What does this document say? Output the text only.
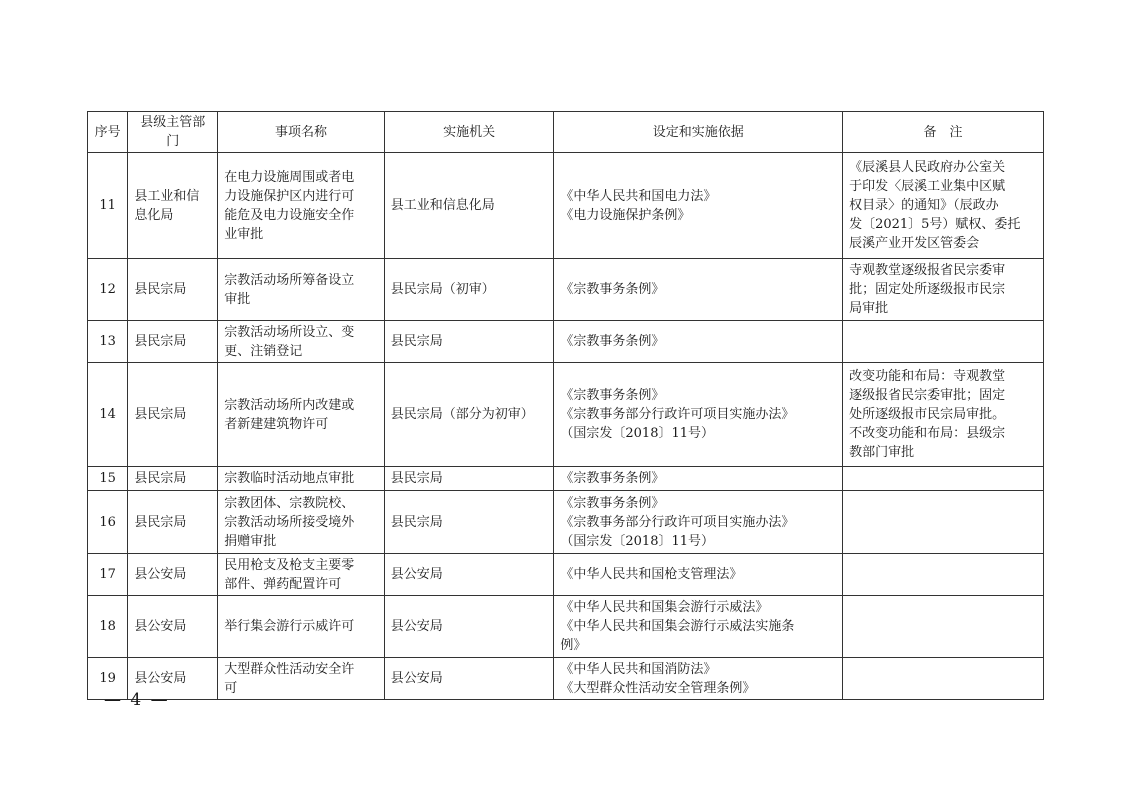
序号	县级主管部门	事项名称	实施机关	设定和实施依据	备　注
11	县工业和信
息化局	在电力设施周围或者电
力设施保护区内进行可
能危及电力设施安全作
业审批	县工业和信息化局	《中华人民共和国电力法》
《电力设施保护条例》	《辰溪县人民政府办公室关
于印发〈辰溪工业集中区赋
权目录〉的通知》（辰政办
发〔2021〕5号）赋权、委托
辰溪产业开发区管委会
12	县民宗局	宗教活动场所筹备设立
审批	县民宗局（初审）	《宗教事务条例》	寺观教堂逐级报省民宗委审
批；固定处所逐级报市民宗
局审批
13	县民宗局	宗教活动场所设立、变
更、注销登记	县民宗局	《宗教事务条例》	
14	县民宗局	宗教活动场所内改建或
者新建建筑物许可	县民宗局（部分为初审）	《宗教事务条例》
《宗教事务部分行政许可项目实施办法》
（国宗发〔2018〕11号）	改变功能和布局：寺观教堂
逐级报省民宗委审批；固定
处所逐级报市民宗局审批。
不改变功能和布局：县级宗
教部门审批
15	县民宗局	宗教临时活动地点审批	县民宗局	《宗教事务条例》	
16	县民宗局	宗教团体、宗教院校、
宗教活动场所接受境外
捐赠审批	县民宗局	《宗教事务条例》
《宗教事务部分行政许可项目实施办法》
（国宗发〔2018〕11号）	
17	县公安局	民用枪支及枪支主要零
部件、弹药配置许可	县公安局	《中华人民共和国枪支管理法》	
18	县公安局	举行集会游行示威许可	县公安局	《中华人民共和国集会游行示威法》
《中华人民共和国集会游行示威法实施条
例》	
19	县公安局	大型群众性活动安全许
可	县公安局	《中华人民共和国消防法》
《大型群众性活动安全管理条例》	
— 4 —
